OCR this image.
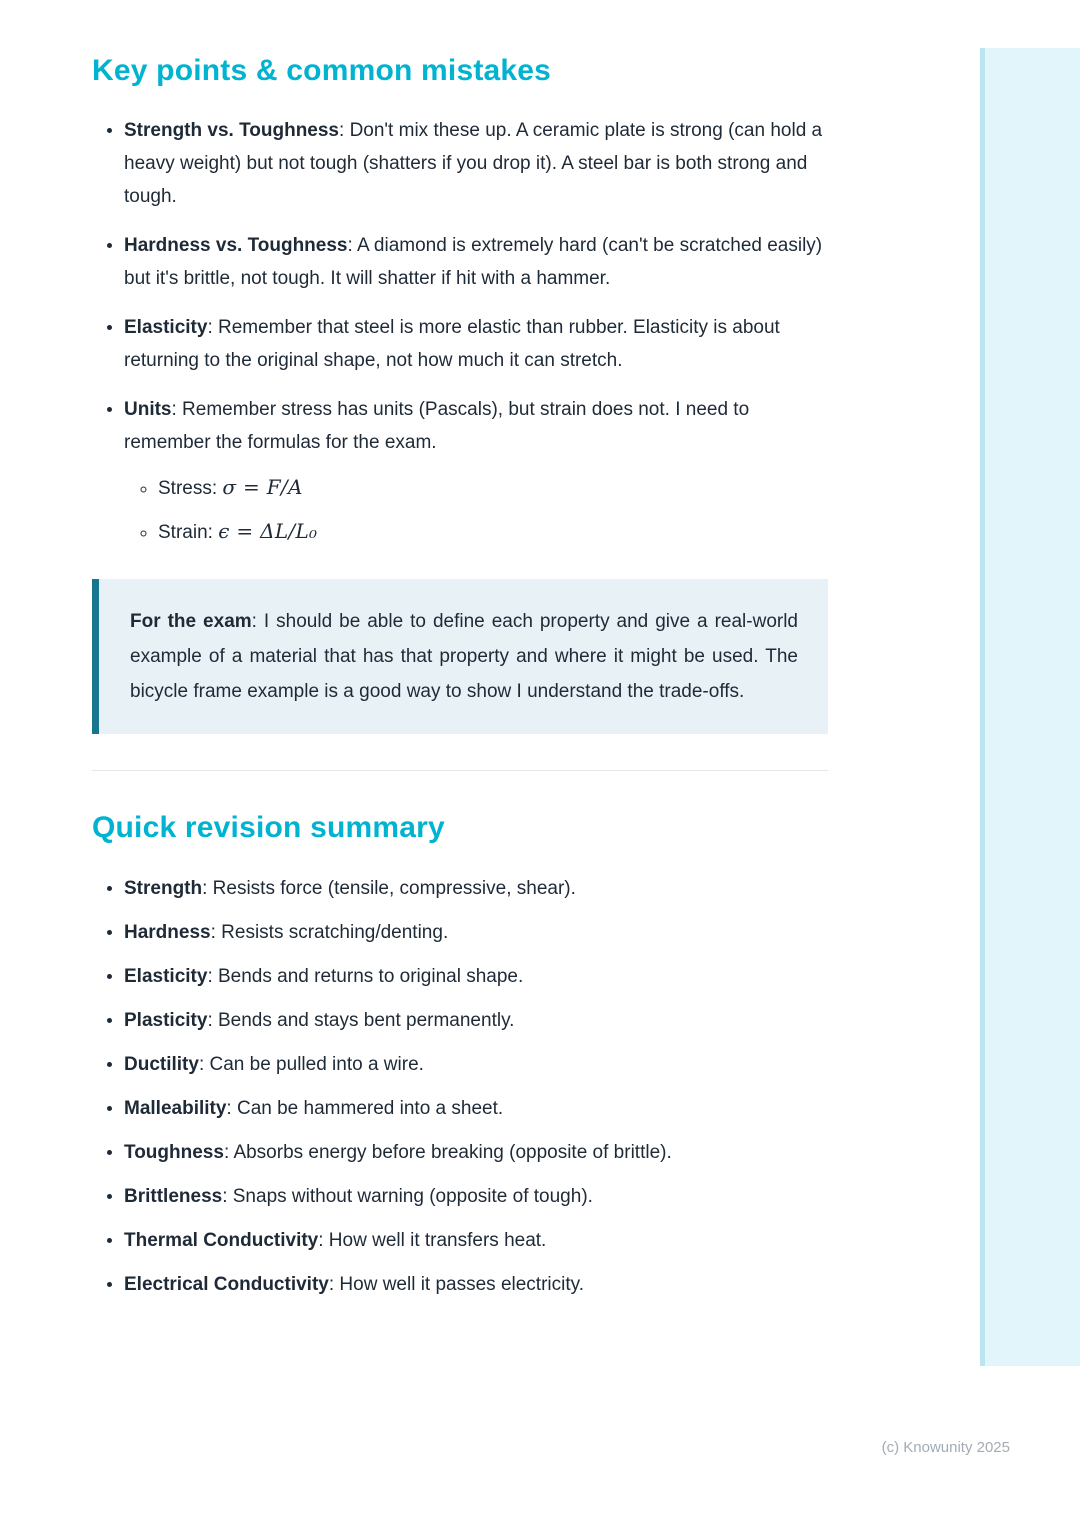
Key points & common mistakes
• Strength vs. Toughness: Don't mix these up. A ceramic plate is strong (can hold a heavy weight) but not tough (shatters if you drop it). A steel bar is both strong and tough.
• Hardness vs. Toughness: A diamond is extremely hard (can't be scratched easily) but it's brittle, not tough. It will shatter if hit with a hammer.
• Elasticity: Remember that steel is more elastic than rubber. Elasticity is about returning to the original shape, not how much it can stretch.
• Units: Remember stress has units (Pascals), but strain does not. I need to remember the formulas for the exam.
◦ Stress: σ = F/A
◦ Strain: ϵ = ΔL/L₀

For the exam: I should be able to define each property and give a real-world example of a material that has that property and where it might be used. The bicycle frame example is a good way to show I understand the trade-offs.

Quick revision summary
• Strength: Resists force (tensile, compressive, shear).
• Hardness: Resists scratching/denting.
• Elasticity: Bends and returns to original shape.
• Plasticity: Bends and stays bent permanently.
• Ductility: Can be pulled into a wire.
• Malleability: Can be hammered into a sheet.
• Toughness: Absorbs energy before breaking (opposite of brittle).
• Brittleness: Snaps without warning (opposite of tough).
• Thermal Conductivity: How well it transfers heat.
• Electrical Conductivity: How well it passes electricity.
(c) Knowunity 2025
